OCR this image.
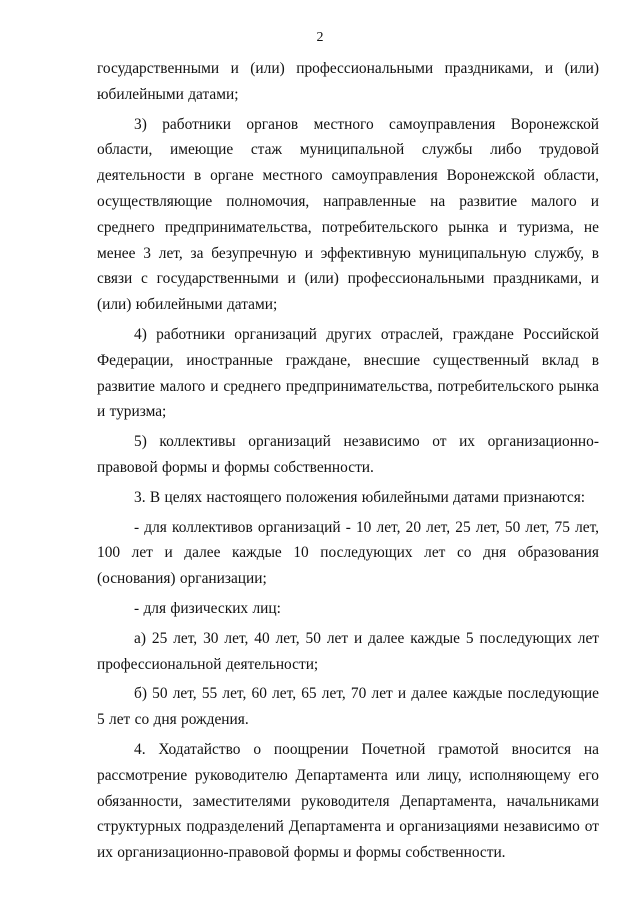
2

государственными и (или) профессиональными праздниками, и (или) юбилейными датами;

3) работники органов местного самоуправления Воронежской области, имеющие стаж муниципальной службы либо трудовой деятельности в органе местного самоуправления Воронежской области, осуществляющие полномочия, направленные на развитие малого и среднего предпринимательства, потребительского рынка и туризма, не менее 3 лет, за безупречную и эффективную муниципальную службу, в связи с государственными и (или) профессиональными праздниками, и (или) юбилейными датами;

4) работники организаций других отраслей, граждане Российской Федерации, иностранные граждане, внесшие существенный вклад в развитие малого и среднего предпринимательства, потребительского рынка и туризма;

5) коллективы организаций независимо от их организационно-правовой формы и формы собственности.

3. В целях настоящего положения юбилейными датами признаются:

- для коллективов организаций - 10 лет, 20 лет, 25 лет, 50 лет, 75 лет, 100 лет и далее каждые 10 последующих лет со дня образования (основания) организации;

- для физических лиц:

а) 25 лет, 30 лет, 40 лет, 50 лет и далее каждые 5 последующих лет профессиональной деятельности;

б) 50 лет, 55 лет, 60 лет, 65 лет, 70 лет и далее каждые последующие 5 лет со дня рождения.

4. Ходатайство о поощрении Почетной грамотой вносится на рассмотрение руководителю Департамента или лицу, исполняющему его обязанности, заместителями руководителя Департамента, начальниками структурных подразделений Департамента и организациями независимо от их организационно-правовой формы и формы собственности.
